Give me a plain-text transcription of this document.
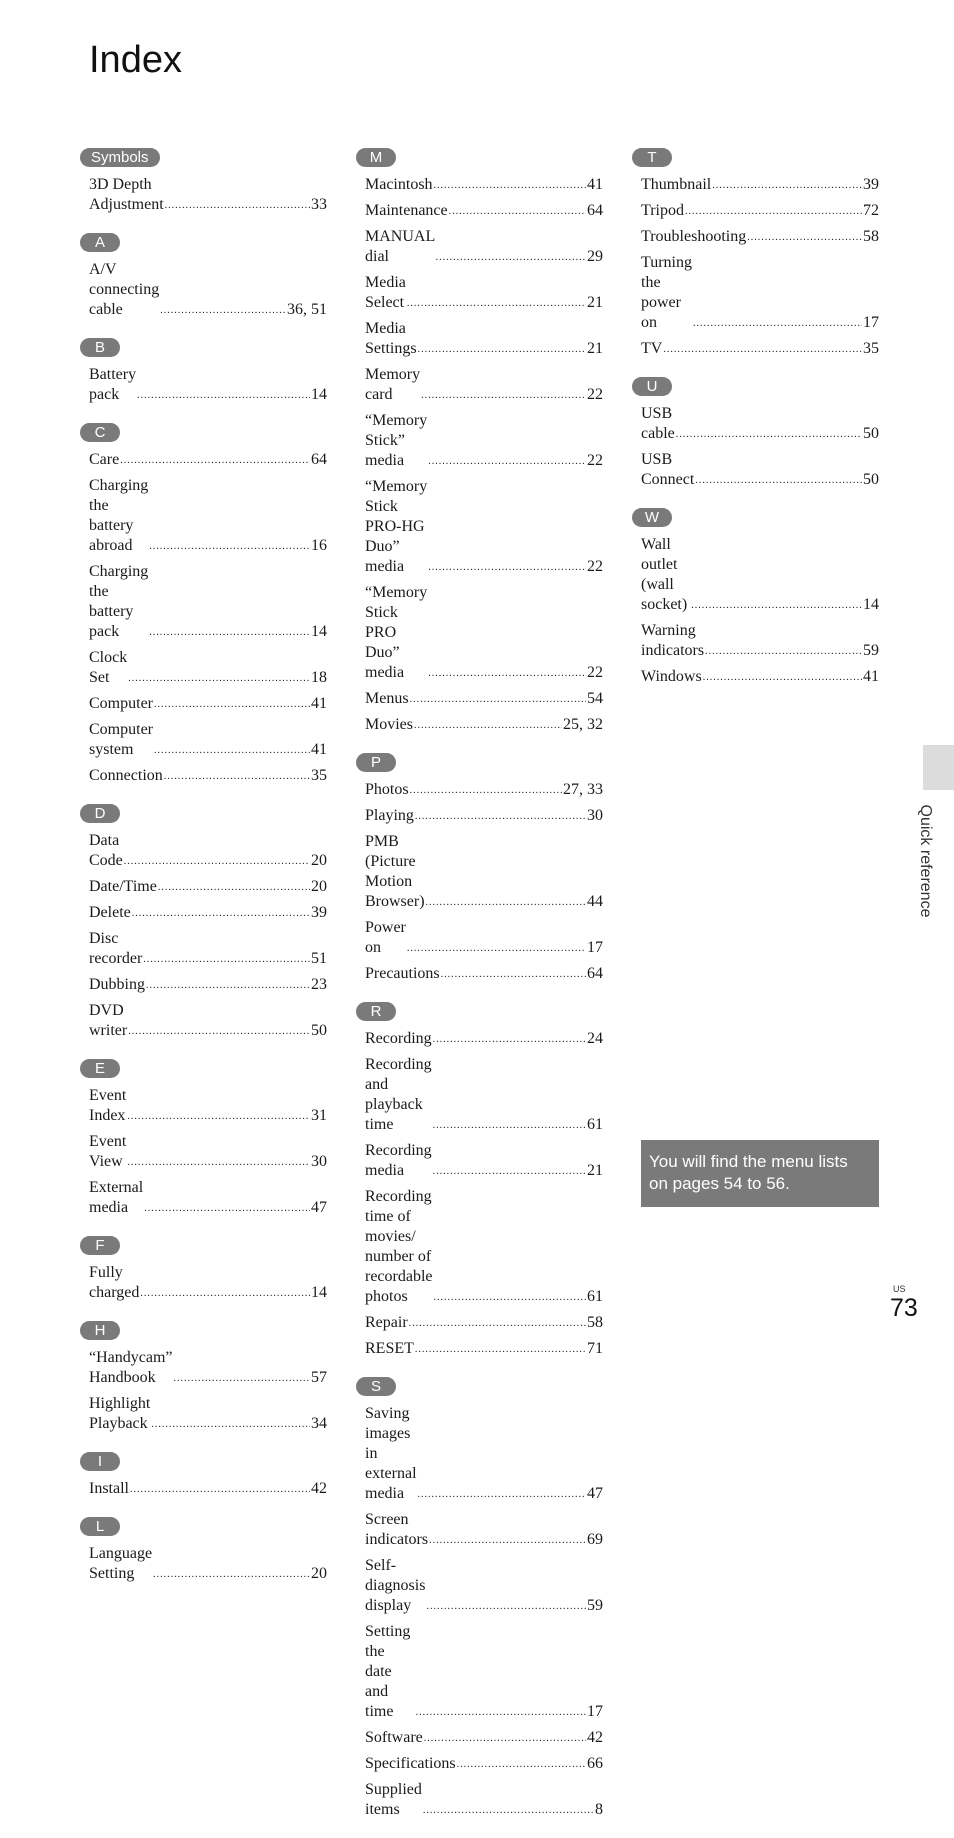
Index
Symbols
3D Depth Adjustment .....	33
A
A/V connecting cable .....	36, 51
B
Battery pack .....	14
C
Care .....	64
Charging the battery abroad .....	16
Charging the battery pack .....	14
Clock Set .....	18
Computer .....	41
Computer system .....	41
Connection .....	35
D
Data Code .....	20
Date/Time .....	20
Delete .....	39
Disc recorder .....	51
Dubbing .....	23
DVD writer .....	50
E
Event Index .....	31
Event View .....	30
External media .....	47
F
Fully charged .....	14
H
“Handycam” Handbook .....	57
Highlight Playback .....	34
I
Install .....	42
L
Language Setting .....	20
M
Macintosh .....	41
Maintenance .....	64
MANUAL dial .....	29
Media Select .....	21
Media Settings .....	21
Memory card .....	22
“Memory Stick” media .....	22
“Memory Stick
PRO-HG Duo” media .....	22
“Memory Stick
PRO Duo” media .....	22
Menus .....	54
Movies .....	25, 32
P
Photos .....	27, 33
Playing .....	30
PMB (Picture Motion
Browser) .....	44
Power on .....	17
Precautions .....	64
R
Recording .....	24
Recording and playback time .....	61
Recording media .....	21
Recording time of movies/
number of recordable photos .....	61
Repair .....	58
RESET .....	71
S
Saving images in external
media .....	47
Screen indicators .....	69
Self-diagnosis display .....	59
Setting the date and time .....	17
Software .....	42
Specifications .....	66
Supplied items .....	8
T
Thumbnail .....	39
Tripod .....	72
Troubleshooting .....	58
Turning the power on .....	17
TV .....	35
U
USB cable .....	50
USB Connect .....	50
W
Wall outlet (wall socket) .....	14
Warning indicators .....	59
Windows .....	41
Quick reference
You will find the menu lists on pages 54 to 56.
US
73
